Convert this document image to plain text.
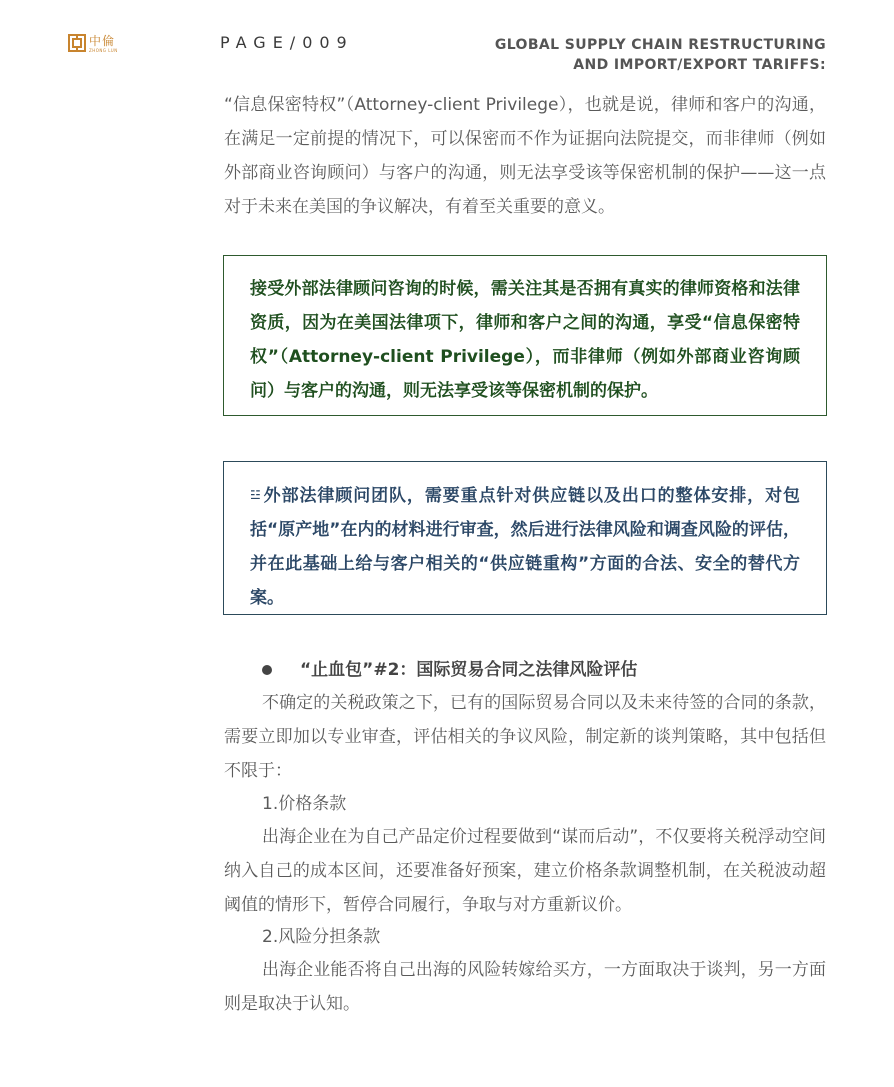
中倫
ZHONG LUN	PAGE/009	GLOBAL SUPPLY CHAIN RESTRUCTURING
AND IMPORT/EXPORT TARIFFS:

“信息保密特权”（Attorney-client Privilege），也就是说，律师和客户的沟通，在满足一定前提的情况下，可以保密而不作为证据向法院提交，而非律师（例如外部商业咨询顾问）与客户的沟通，则无法享受该等保密机制的保护——这一点对于未来在美国的争议解决，有着至关重要的意义。

接受外部法律顾问咨询的时候，需关注其是否拥有真实的律师资格和法律资质，因为在美国法律项下，律师和客户之间的沟通，享受“信息保密特权”（Attorney-client Privilege），而非律师（例如外部商业咨询顾问）与客户的沟通，则无法享受该等保密机制的保护。

☳ 外部法律顾问团队，需要重点针对供应链以及出口的整体安排，对包括“原产地”在内的材料进行审查，然后进行法律风险和调查风险的评估，并在此基础上给与客户相关的“供应链重构”方面的合法、安全的替代方案。

“止血包”#2：国际贸易合同之法律风险评估

不确定的关税政策之下，已有的国际贸易合同以及未来待签的合同的条款，需要立即加以专业审查，评估相关的争议风险，制定新的谈判策略，其中包括但不限于：

1.价格条款

出海企业在为自己产品定价过程要做到“谋而后动”，不仅要将关税浮动空间纳入自己的成本区间，还要准备好预案，建立价格条款调整机制，在关税波动超阈值的情形下，暂停合同履行，争取与对方重新议价。

2.风险分担条款

出海企业能否将自己出海的风险转嫁给买方，一方面取决于谈判，另一方面则是取决于认知。
